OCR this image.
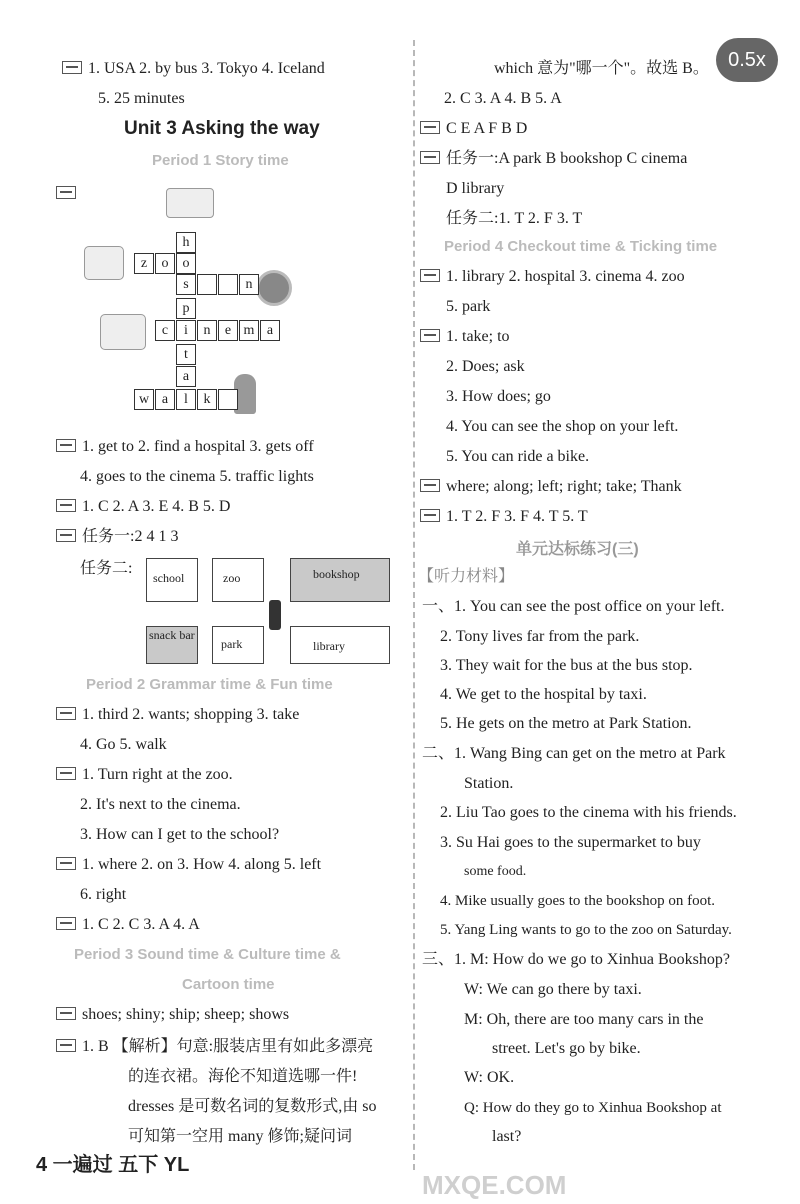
0.5x
1. USA 2. by bus 3. Tokyo 4. Iceland
5. 25 minutes
Unit 3 Asking the way
Period 1 Story time
z	o	o
h
s	n
p
c	i	n	e m a
t
a
w a	l	k
1. get to 2. find a hospital 3. gets off
4. goes to the cinema 5. traffic lights
1. C 2. A 3. E 4. B 5. D
任务一:2 4 1 3
任务二:
school	zoo	bookshop
snack bar
park	library
Period 2 Grammar time & Fun time
1. third 2. wants; shopping 3. take
4. Go 5. walk
1. Turn right at the zoo.
2. It's next to the cinema.
3. How can I get to the school?
1. where 2. on 3. How 4. along 5. left
6. right
1. C 2. C 3. A 4. A
Period 3 Sound time & Culture time &
Cartoon time
shoes; shiny; ship; sheep; shows
1. B 【解析】句意:服装店里有如此多漂亮
的连衣裙。海伦不知道选哪一件!
dresses 是可数名词的复数形式,由 so
可知第一空用 many 修饰;疑问词
4 一遍过 五下 YL
which 意为"哪一个"。故选 B。
2. C 3. A 4. B 5. A
C E A F B D
任务一:A park B bookshop C cinema
D library
任务二:1. T 2. F 3. T
Period 4 Checkout time & Ticking time
1. library 2. hospital 3. cinema 4. zoo
5. park
1. take; to
2. Does; ask
3. How does; go
4. You can see the shop on your left.
5. You can ride a bike.
where; along; left; right; take; Thank
1. T 2. F 3. F 4. T 5. T
单元达标练习(三)
【听力材料】
一、1. You can see the post office on your left.
2. Tony lives far from the park.
3. They wait for the bus at the bus stop.
4. We get to the hospital by taxi.
5. He gets on the metro at Park Station.
二、1. Wang Bing can get on the metro at Park
Station.
2. Liu Tao goes to the cinema with his friends.
3. Su Hai goes to the supermarket to buy
some food.
4. Mike usually goes to the bookshop on foot.
5. Yang Ling wants to go to the zoo on Saturday.
三、1. M: How do we go to Xinhua Bookshop?
W: We can go there by taxi.
M: Oh, there are too many cars in the
street. Let's go by bike.
W: OK.
Q: How do they go to Xinhua Bookshop at
last?
MXQE.COM
